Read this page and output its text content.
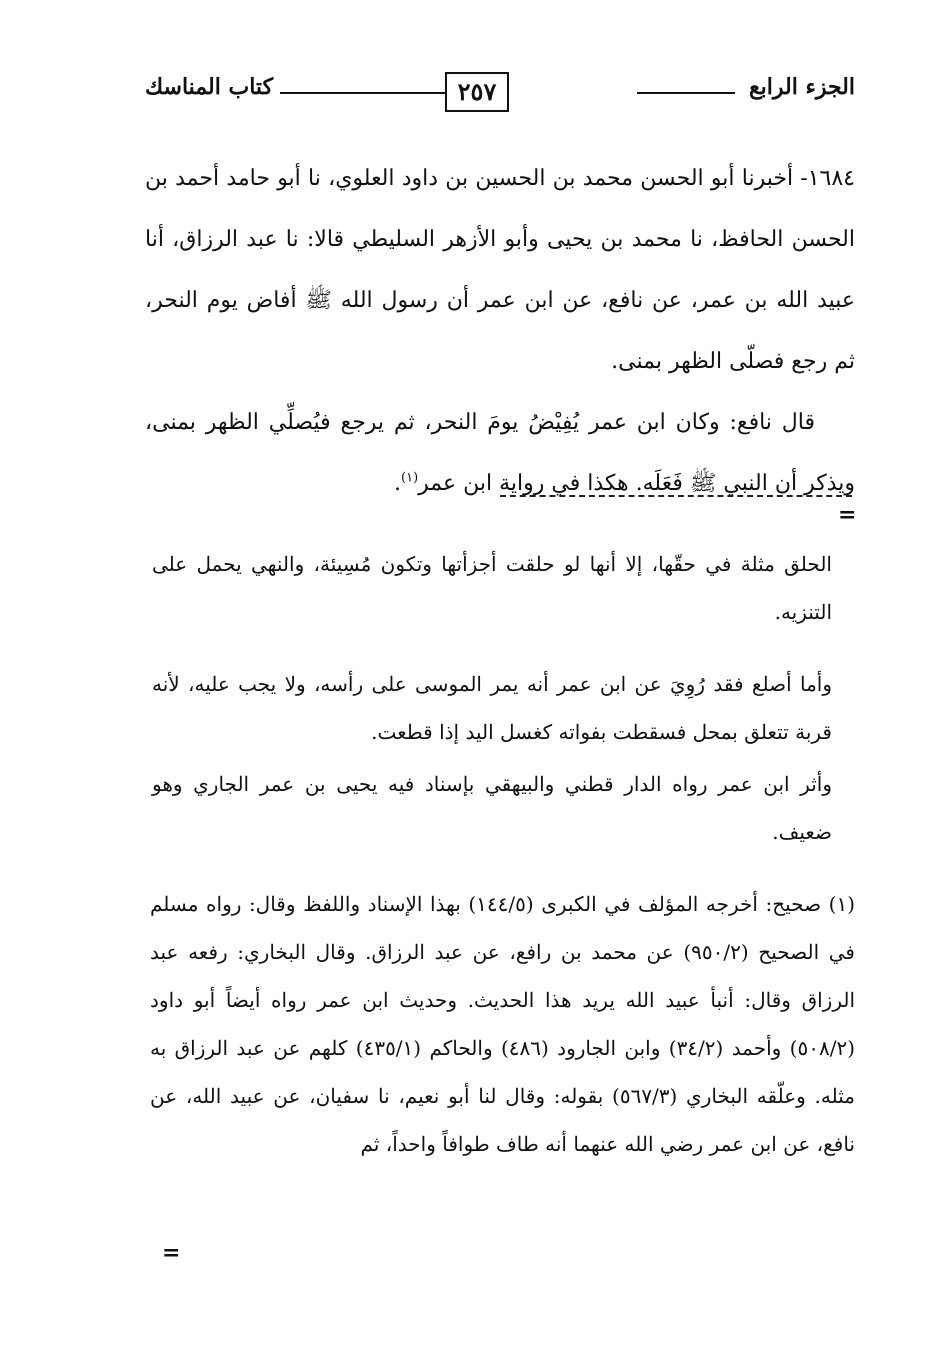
الجزء الرابع
٢٥٧
كتاب المناسك

١٦٨٤- أخبرنا أبو الحسن محمد بن الحسين بن داود العلوي، نا أبو حامد أحمد بن الحسن الحافظ، نا محمد بن يحيى وأبو الأزهر السليطي قالا: نا عبد الرزاق، أنا عبيد الله بن عمر، عن نافع، عن ابن عمر أن رسول الله ﷺ أفاض يوم النحر، ثم رجع فصلّى الظهر بمنى.

قال نافع: وكان ابن عمر يُفِيْضُ يومَ النحر، ثم يرجع فيُصلِّي الظهر بمنى، ويذكر أن النبي ﷺ فَعَلَه. هكذا في رواية ابن عمر$^{(١)}$.

=

الحلق مثلة في حقّها، إلا أنها لو حلقت أجزأتها وتكون مُسِيئة، والنهي يحمل على التنزيه.

وأما أصلع فقد رُوِيَ عن ابن عمر أنه يمر الموسى على رأسه، ولا يجب عليه، لأنه قربة تتعلق بمحل فسقطت بفواته كغسل اليد إذا قطعت.

وأثر ابن عمر رواه الدار قطني والبيهقي بإسناد فيه يحيى بن عمر الجاري وهو ضعيف.

(١) صحيح: أخرجه المؤلف في الكبرى (١٤٤/٥) بهذا الإسناد واللفظ وقال: رواه مسلم في الصحيح (٩٥٠/٢) عن محمد بن رافع، عن عبد الرزاق. وقال البخاري: رفعه عبد الرزاق وقال: أنبأ عبيد الله يريد هذا الحديث. وحديث ابن عمر رواه أيضاً أبو داود (٥٠٨/٢) وأحمد (٣٤/٢) وابن الجارود (٤٨٦) والحاكم (٤٣٥/١) كلهم عن عبد الرزاق به مثله. وعلّقه البخاري (٥٦٧/٣) بقوله: وقال لنا أبو نعيم، نا سفيان، عن عبيد الله، عن نافع، عن ابن عمر رضي الله عنهما أنه طاف طوافاً واحداً، ثم

=
